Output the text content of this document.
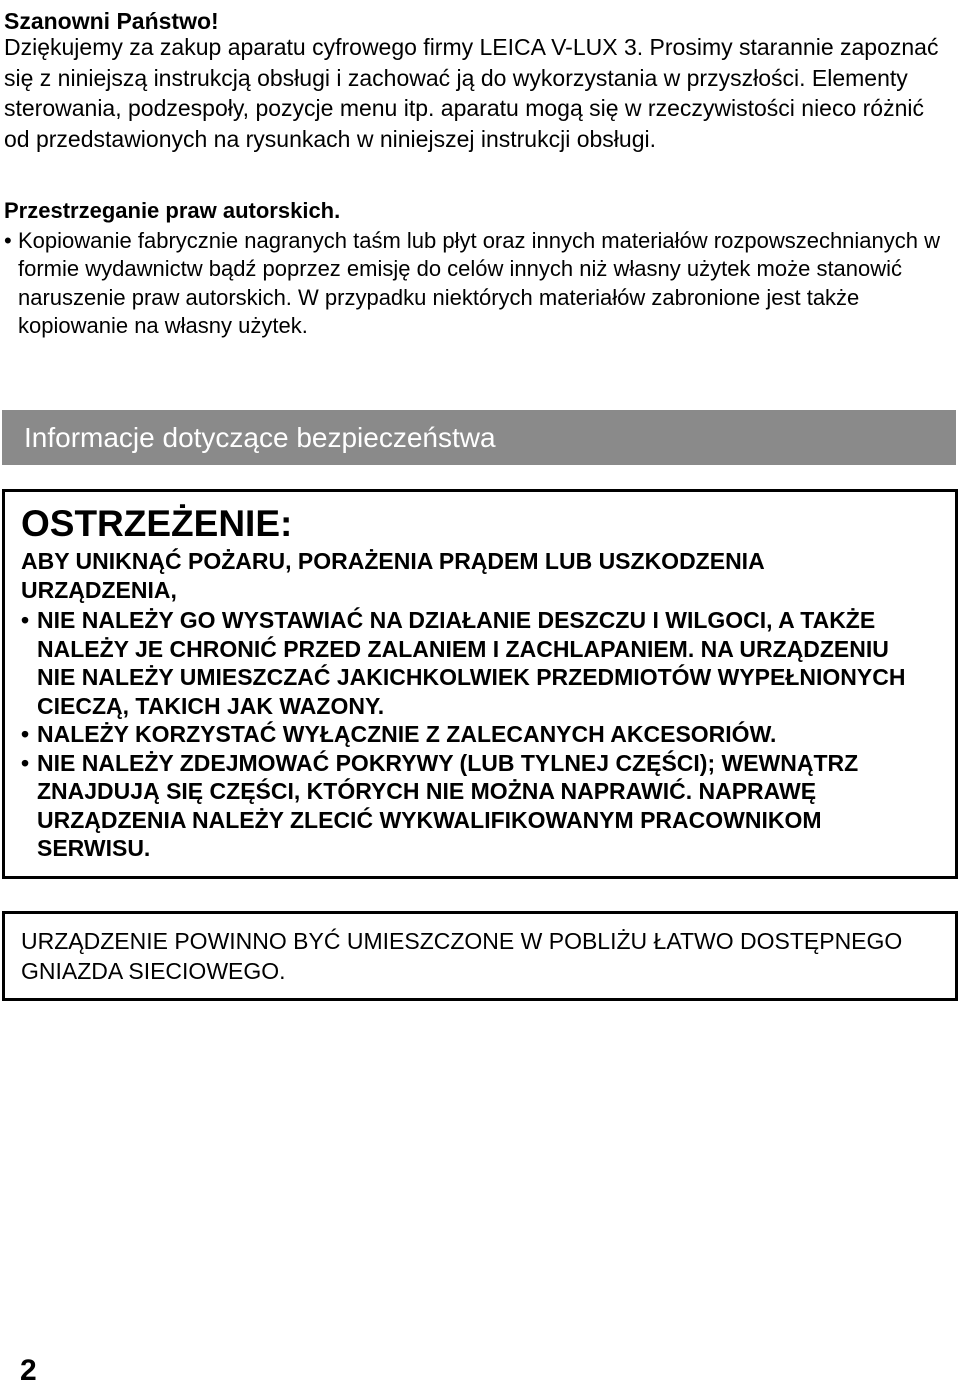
Szanowni Państwo!

Dziękujemy za zakup aparatu cyfrowego firmy LEICA V-LUX 3. Prosimy starannie zapoznać się z niniejszą instrukcją obsługi i zachować ją do wykorzystania w przyszłości. Elementy sterowania, podzespoły, pozycje menu itp. aparatu mogą się w rzeczywistości nieco różnić od przedstawionych na rysunkach w niniejszej instrukcji obsługi.

Przestrzeganie praw autorskich.

• Kopiowanie fabrycznie nagranych taśm lub płyt oraz innych materiałów rozpowszechnianych w formie wydawnictw bądź poprzez emisję do celów innych niż własny użytek może stanowić naruszenie praw autorskich. W przypadku niektórych materiałów zabronione jest także kopiowanie na własny użytek.
Informacje dotyczące bezpieczeństwa

OSTRZEŻENIE:

ABY UNIKNĄĆ POŻARU, PORAŻENIA PRĄDEM LUB USZKODZENIA URZĄDZENIA,

• NIE NALEŻY GO WYSTAWIAĆ NA DZIAŁANIE DESZCZU I WILGOCI, A TAKŻE NALEŻY JE CHRONIĆ PRZED ZALANIEM I ZACHLAPANIEM. NA URZĄDZENIU NIE NALEŻY UMIESZCZAĆ JAKICHKOLWIEK PRZEDMIOTÓW WYPEŁNIONYCH CIECZĄ, TAKICH JAK WAZONY.
• NALEŻY KORZYSTAĆ WYŁĄCZNIE Z ZALECANYCH AKCESORIÓW.
• NIE NALEŻY ZDEJMOWAĆ POKRYWY (LUB TYLNEJ CZĘŚCI); WEWNĄTRZ ZNAJDUJĄ SIĘ CZĘŚCI, KTÓRYCH NIE MOŻNA NAPRAWIĆ. NAPRAWĘ URZĄDZENIA NALEŻY ZLECIĆ WYKWALIFIKOWANYM PRACOWNIKOM SERWISU.

URZĄDZENIE POWINNO BYĆ UMIESZCZONE W POBLIŻU ŁATWO DOSTĘPNEGO GNIAZDA SIECIOWEGO.

2
